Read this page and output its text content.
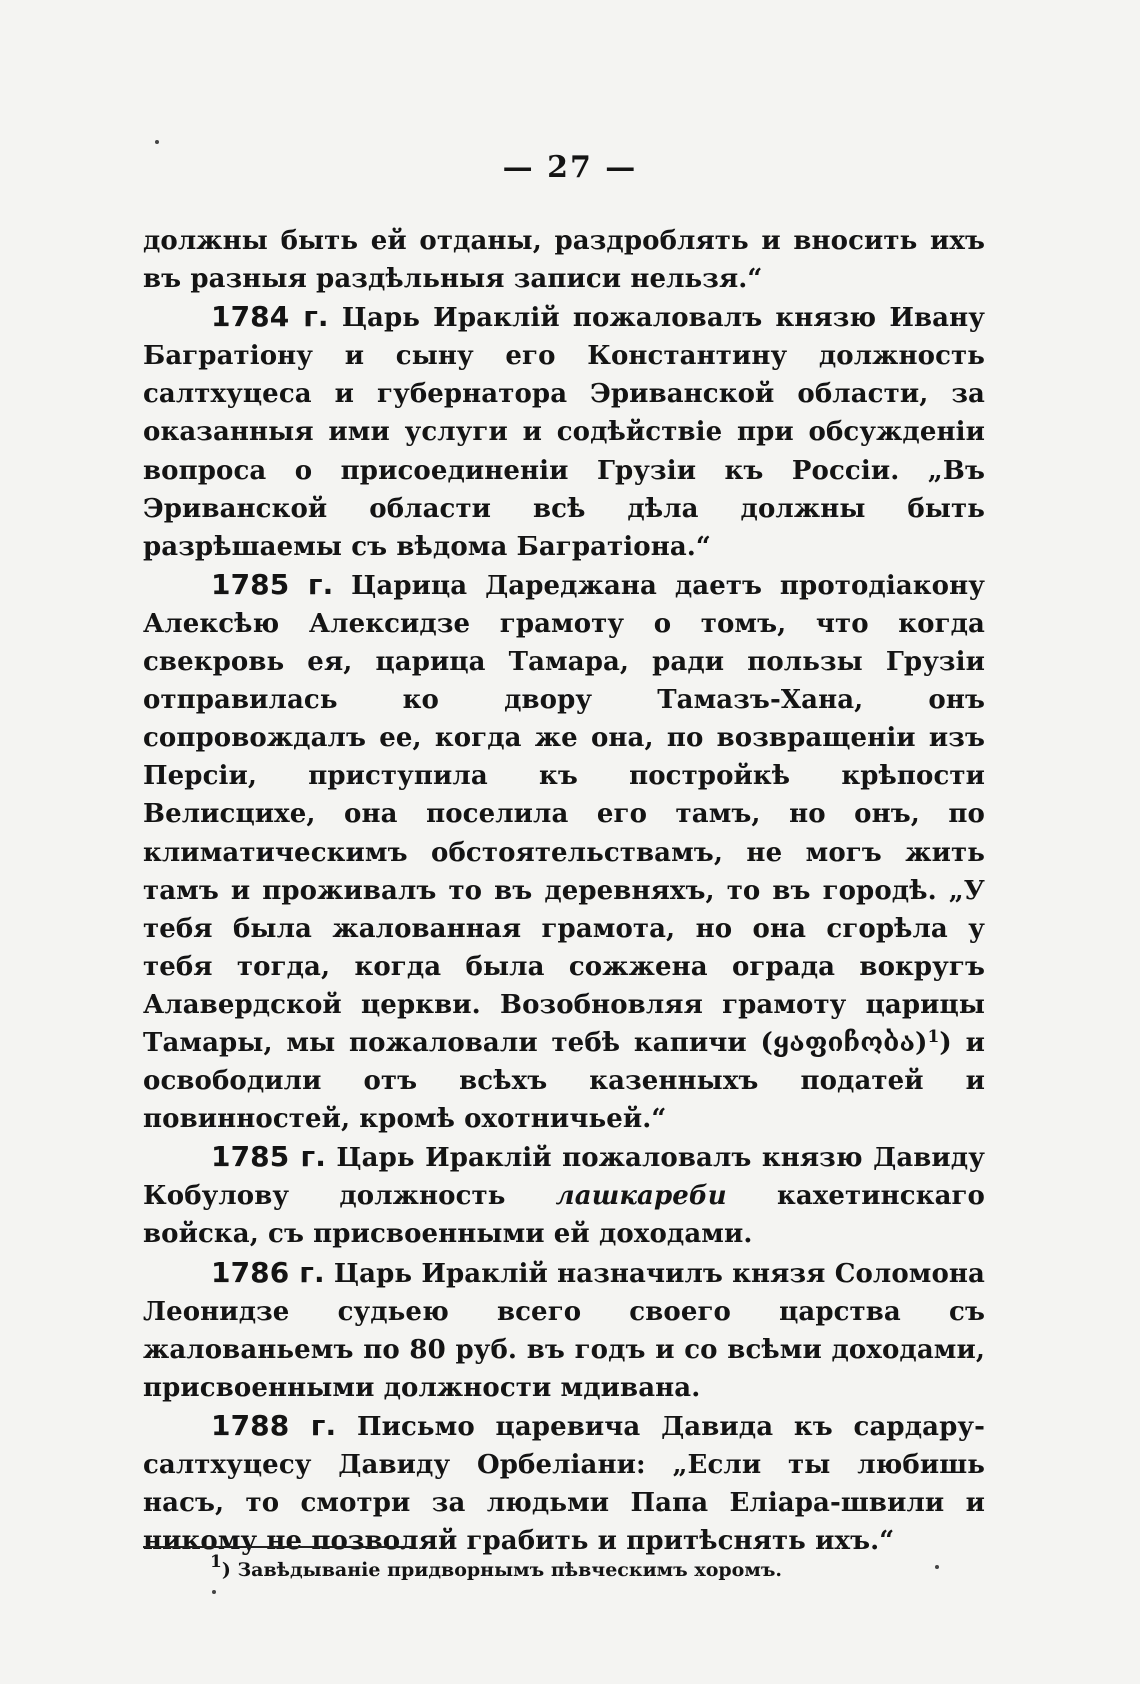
— 27 —

должны быть ей отданы, раздроблять и вносить ихъ въ разныя раздѣльныя записи нельзя.“

1784 г. Царь Ираклій пожаловалъ князю Ивану Багратіону и сыну его Константину должность салтхуцеса и губернатора Эриванской области, за оказанныя ими услуги и содѣйствіе при обсужденіи вопроса о присоединеніи Грузіи къ Россіи. „Въ Эриванской области всѣ дѣла должны быть разрѣшаемы съ вѣдома Багратіона.“

1785 г. Царица Дареджана даетъ протодіакону Алексѣю Алексидзе грамоту о томъ, что когда свекровь ея, царица Тамара, ради пользы Грузіи отправилась ко двору Тамазъ-Хана, онъ сопровождалъ ее, когда же она, по возвращеніи изъ Персіи, приступила къ постройкѣ крѣпости Велисцихе, она поселила его тамъ, но онъ, по климатическимъ обстоятельствамъ, не могъ жить тамъ и проживалъ то въ деревняхъ, то въ городѣ. „У тебя была жалованная грамота, но она сгорѣла у тебя тогда, когда была сожжена ограда вокругъ Алавердской церкви. Возобновляя грамоту царицы Тамары, мы пожаловали тебѣ капичи (ყაფიჩობა)$^1$) и освободили отъ всѣхъ казенныхъ податей и повинностей, кромѣ охотничьей.“

1785 г. Царь Ираклій пожаловалъ князю Давиду Кобулову должность лашкареби кахетинскаго войска, съ присвоенными ей доходами.

1786 г. Царь Ираклій назначилъ князя Соломона Леонидзе судьею всего своего царства съ жалованьемъ по 80 руб. въ годъ и со всѣми доходами, присвоенными должности мдивана.

1788 г. Письмо царевича Давида къ сардару-салтхуцесу Давиду Орбеліани: „Если ты любишь насъ, то смотри за людьми Папа Еліара-швили и никому не позволяй грабить и притѣснять ихъ.“

1) Завѣдываніе придворнымъ пѣвческимъ хоромъ.
